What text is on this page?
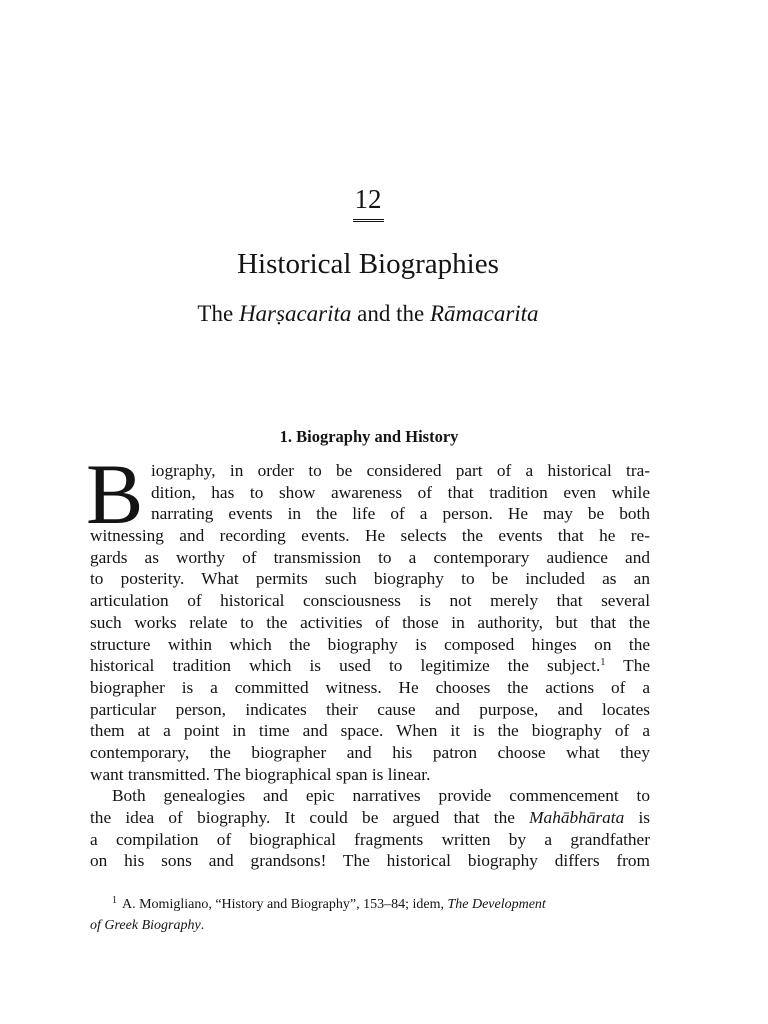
12
Historical Biographies
The Harṣacarita and the Rāmacarita
1. Biography and History
B iography, in order to be considered part of a historical tra-
dition, has to show awareness of that tradition even while
narrating events in the life of a person. He may be both
witnessing and recording events. He selects the events that he re-
gards as worthy of transmission to a contemporary audience and
to posterity. What permits such biography to be included as an
articulation of historical consciousness is not merely that several
such works relate to the activities of those in authority, but that the
structure within which the biography is composed hinges on the
historical tradition which is used to legitimize the subject.$^1$ The
biographer is a committed witness. He chooses the actions of a
particular person, indicates their cause and purpose, and locates
them at a point in time and space. When it is the biography of a
contemporary, the biographer and his patron choose what they
want transmitted. The biographical span is linear.
Both genealogies and epic narratives provide commencement to
the idea of biography. It could be argued that the Mahābhārata is
a compilation of biographical fragments written by a grandfather
on his sons and grandsons! The historical biography differs from
$^1$ A. Momigliano, “History and Biography”, 153–84; idem, The Development
of Greek Biography.
